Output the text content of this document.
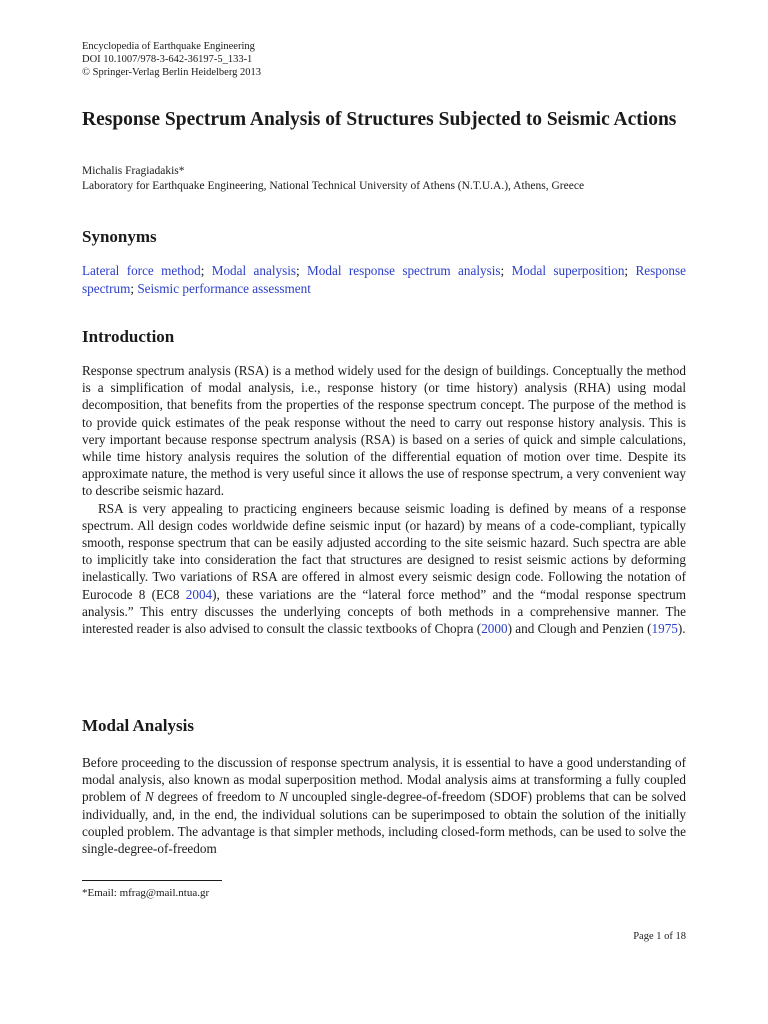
Encyclopedia of Earthquake Engineering
DOI 10.1007/978-3-642-36197-5_133-1
© Springer-Verlag Berlin Heidelberg 2013
Response Spectrum Analysis of Structures Subjected to Seismic Actions
Michalis Fragiadakis*
Laboratory for Earthquake Engineering, National Technical University of Athens (N.T.U.A.), Athens, Greece
Synonyms
Lateral force method; Modal analysis; Modal response spectrum analysis; Modal superposition; Response spectrum; Seismic performance assessment
Introduction

Response spectrum analysis (RSA) is a method widely used for the design of buildings. Conceptually the method is a simplification of modal analysis, i.e., response history (or time history) analysis (RHA) using modal decomposition, that benefits from the properties of the response spectrum concept. The purpose of the method is to provide quick estimates of the peak response without the need to carry out response history analysis. This is very important because response spectrum analysis (RSA) is based on a series of quick and simple calculations, while time history analysis requires the solution of the differential equation of motion over time. Despite its approximate nature, the method is very useful since it allows the use of response spectrum, a very convenient way to describe seismic hazard.

RSA is very appealing to practicing engineers because seismic loading is defined by means of a response spectrum. All design codes worldwide define seismic input (or hazard) by means of a code-compliant, typically smooth, response spectrum that can be easily adjusted according to the site seismic hazard. Such spectra are able to implicitly take into consideration the fact that structures are designed to resist seismic actions by deforming inelastically. Two variations of RSA are offered in almost every seismic design code. Following the notation of Eurocode 8 (EC8 2004), these variations are the “lateral force method” and the “modal response spectrum analysis.” This entry discusses the underlying concepts of both methods in a comprehensive manner. The interested reader is also advised to consult the classic textbooks of Chopra (2000) and Clough and Penzien (1975).

Modal Analysis

Before proceeding to the discussion of response spectrum analysis, it is essential to have a good understanding of modal analysis, also known as modal superposition method. Modal analysis aims at transforming a fully coupled problem of N degrees of freedom to N uncoupled single-degree-of-freedom (SDOF) problems that can be solved individually, and, in the end, the individual solutions can be superimposed to obtain the solution of the initially coupled problem. The advantage is that simpler methods, including closed-form methods, can be used to solve the single-degree-of-freedom

*Email: mfrag@mail.ntua.gr
Page 1 of 18
